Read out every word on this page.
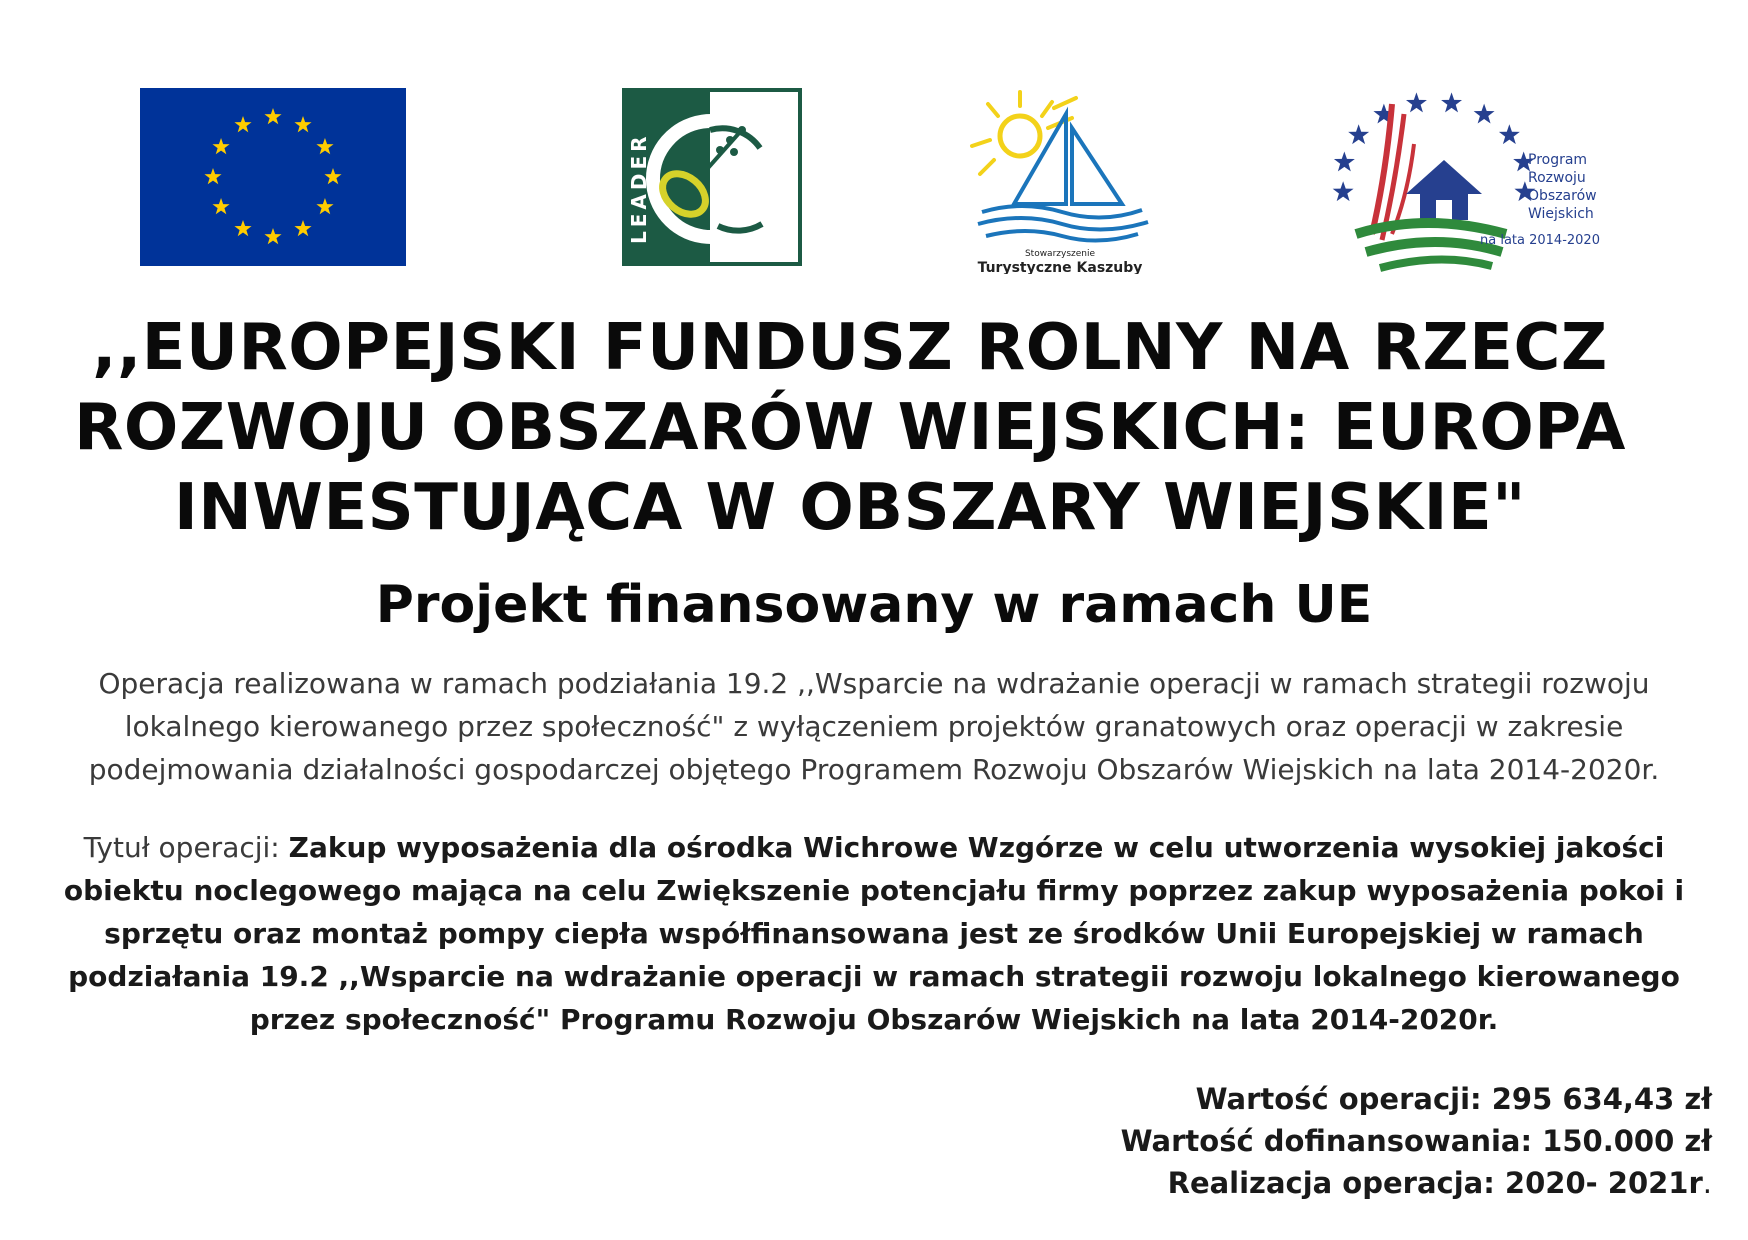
LEADER
Stowarzyszenie
Turystyczne Kaszuby
Program
Rozwoju
Obszarów
Wiejskich
na lata 2014-2020
,,EUROPEJSKI FUNDUSZ ROLNY NA RZECZ
ROZWOJU OBSZARÓW WIEJSKICH: EUROPA
INWESTUJĄCA W OBSZARY WIEJSKIE"
Projekt finansowany w ramach UE

Operacja realizowana w ramach podziałania 19.2 ,,Wsparcie na wdrażanie operacji w ramach strategii rozwoju
lokalnego kierowanego przez społeczność" z wyłączeniem projektów granatowych oraz operacji w zakresie
podejmowania działalności gospodarczej objętego Programem Rozwoju Obszarów Wiejskich na lata 2014-2020r.

Tytuł operacji: Zakup wyposażenia dla ośrodka Wichrowe Wzgórze w celu utworzenia wysokiej jakości
obiektu noclegowego mająca na celu Zwiększenie potencjału firmy poprzez zakup wyposażenia pokoi i
sprzętu oraz montaż pompy ciepła współfinansowana jest ze środków Unii Europejskiej w ramach
podziałania 19.2 ,,Wsparcie na wdrażanie operacji w ramach strategii rozwoju lokalnego kierowanego
przez społeczność" Programu Rozwoju Obszarów Wiejskich na lata 2014-2020r.

Wartość operacji: 295 634,43 zł
Wartość dofinansowania: 150.000 zł
Realizacja operacja: 2020- 2021r.
